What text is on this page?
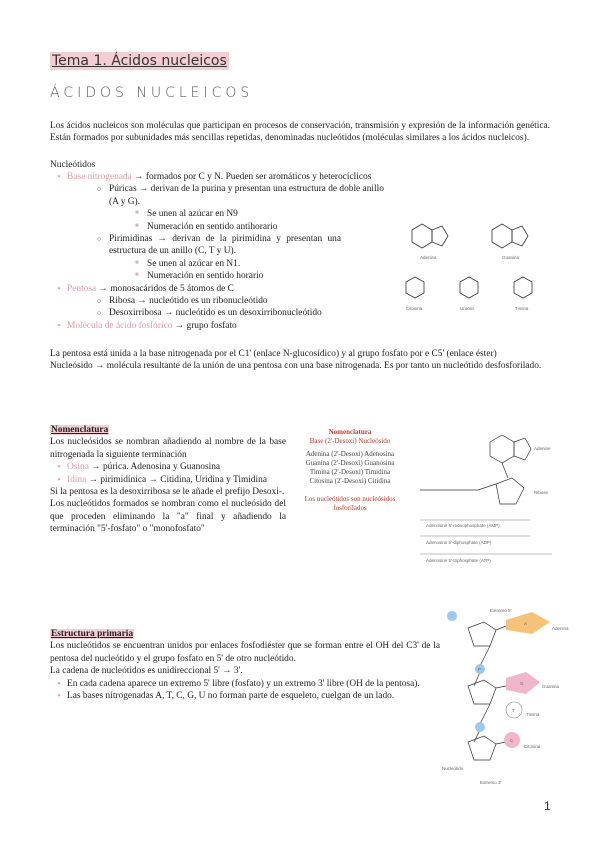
Tema 1. Ácidos nucleicos
ÁCIDOS NUCLEICOS

Los ácidos nucleicos son moléculas que participan en procesos de conservación, transmisión y expresión de la información genética. Están formados por subunidades más sencillas repetidas, denominadas nucleótidos (moléculas similares a los ácidos nucleicos).

Nucleótidos
• Base nitrogenada → formados por C y N. Pueden ser aromáticos y heterocíclicos
○ Púricas → derivan de la purina y presentan una estructura de doble anillo (A y G).
■ Se unen al azúcar en N9
■ Numeración en sentido antihorario
○ Pirimidinas → derivan de la pirimidina y presentan una estructura de un anillo (C, T y U).
■ Se unen al azúcar en N1.
■ Numeración en sentido horario
• Pentosa → monosacáridos de 5 átomos de C
○ Ribosa → nucleótido es un ribonucleótido
○ Desoxirribosa → nucleótido es un desoxirribonucleótido
• Molécula de ácido fosfórico → grupo fosfato
Adenina	Guanina
Citosina	Uracilo	Timina

La pentosa está unida a la base nitrogenada por el C1' (enlace N-glucosídico) y al grupo fosfato por e C5' (enlace éster)
Nucleósido → molécula resultante de la unión de una pentosa con una base nitrogenada. Es por tanto un nucleótido desfosforilado.

Nomenclatura

Los nucleósidos se nombran añadiendo al nombre de la base nitrogenada la siguiente terminación

• Osina → púrica. Adenosina y Guanosina
• Idina → pirimidínica → Citidina, Uridina y Timidina

Si la pentosa es la desoxirribosa se le añade el prefijo Desoxi-.

Los nucleótidos formados se nombran como el nucleósido del que proceden eliminando la "a" final y añadiendo la terminación "5'-fosfato" o "monofosfato"

Nomenclatura
Base (2'-Desoxi) Nucleósido
Adenina (2'-Desoxi) Adenosina
Guanina (2'-Desoxi) Guanosina
Timina (2'-Desoxi) Timidina
Citosina (2'-Desoxi) Citidina
Los nucleótidos son nucleósidos fosforilados
Adenine
Ribose
Adenosine 5'-monophosphate (AMP)
Adenosine 5'-diphosphate (ADP)
Adenosine 5'-triphosphate (ATP)
Estructura primaria

Los nucleótidos se encuentran unidos por enlaces fosfodiéster que se forman entre el OH del C3' de la pentosa del nucleótido y el grupo fosfato en 5' de otro nucleótido.

La cadena de nucleótidos es unidireccional 5' → 3'.

• En cada cadena aparece un extremo 5' libre (fosfato) y un extremo 3' libre (OH de la pentosa).
• Las bases nitrogenadas A, T, C, G, U no forman parte de esqueleto, cuelgan de un lado.
Extremo 5'
A
Adenina
G
Guanina
T
Timina
C
Citosina
P
Nucleótido
Extremo 3'
1
